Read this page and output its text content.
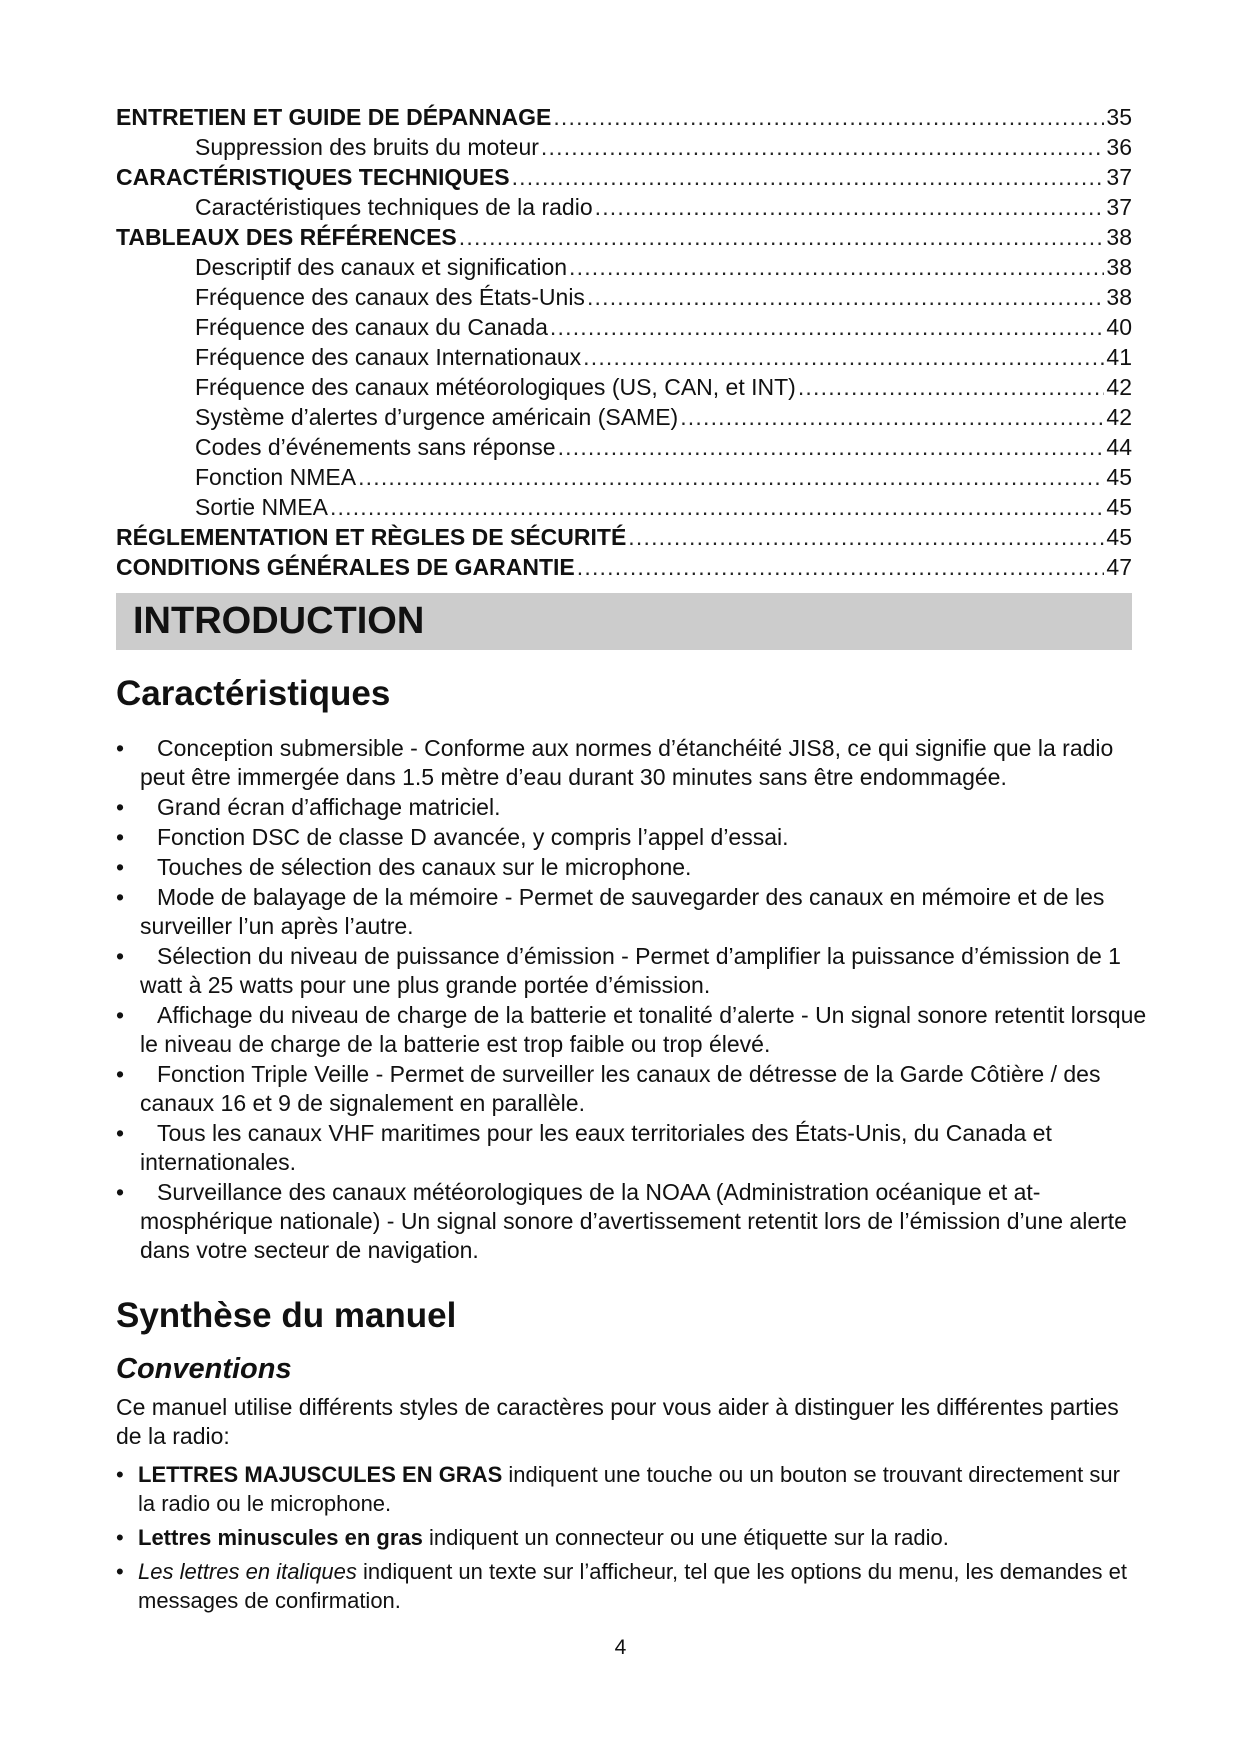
ENTRETIEN ET GUIDE DE DÉPANNAGE .....	35
Suppression des bruits du moteur .....	36
CARACTÉRISTIQUES TECHNIQUES .....	37
Caractéristiques techniques de la radio .....	37
TABLEAUX DES RÉFÉRENCES .....	38
Descriptif des canaux et signification .....	38
Fréquence des canaux des États-Unis .....	38
Fréquence des canaux du Canada .....	40
Fréquence des canaux Internationaux .....	41
Fréquence des canaux météorologiques (US, CAN, et INT) .....	42
Système d’alertes d’urgence américain (SAME) .....	42
Codes d’événements sans réponse .....	44
Fonction NMEA .....	45
Sortie NMEA .....	45
RÉGLEMENTATION ET RÈGLES DE SÉCURITÉ .....	45
CONDITIONS GÉNÉRALES DE GARANTIE .....	47
INTRODUCTION
Caractéristiques
•	Conception submersible - Conforme aux normes d’étanchéité JIS8, ce qui signifie que la radio peut être immergée dans 1.5 mètre d’eau durant 30 minutes sans être endommagée.
•	Grand écran d’affichage matriciel.
•	Fonction DSC de classe D avancée, y compris l’appel d’essai.
•	Touches de sélection des canaux sur le microphone.
•	Mode de balayage de la mémoire - Permet de sauvegarder des canaux en mémoire et de les surveiller l’un après l’autre.
•	Sélection du niveau de puissance d’émission - Permet d’amplifier la puissance d’émission de 1 watt à 25 watts pour une plus grande portée d’émission.
•	Affichage du niveau de charge de la batterie et tonalité d’alerte - Un signal sonore retentit lorsque le niveau de charge de la batterie est trop faible ou trop élevé.
•	Fonction Triple Veille - Permet de surveiller les canaux de détresse de la Garde Côtière / des canaux 16 et 9 de signalement en parallèle.
•	Tous les canaux VHF maritimes pour les eaux territoriales des États-Unis, du Canada et internationales.
•	Surveillance des canaux météorologiques de la NOAA (Administration océanique et atmosphérique nationale) - Un signal sonore d’avertissement retentit lors de l’émission d’une alerte dans votre secteur de navigation.
Synthèse du manuel
Conventions

Ce manuel utilise différents styles de caractères pour vous aider à distinguer les différentes parties de la radio:

• LETTRES MAJUSCULES EN GRAS indiquent une touche ou un bouton se trouvant directement sur la radio ou le microphone.
• Lettres minuscules en gras indiquent un connecteur ou une étiquette sur la radio.
• Les lettres en italiques indiquent un texte sur l’afficheur, tel que les options du menu, les demandes et messages de confirmation.
4
